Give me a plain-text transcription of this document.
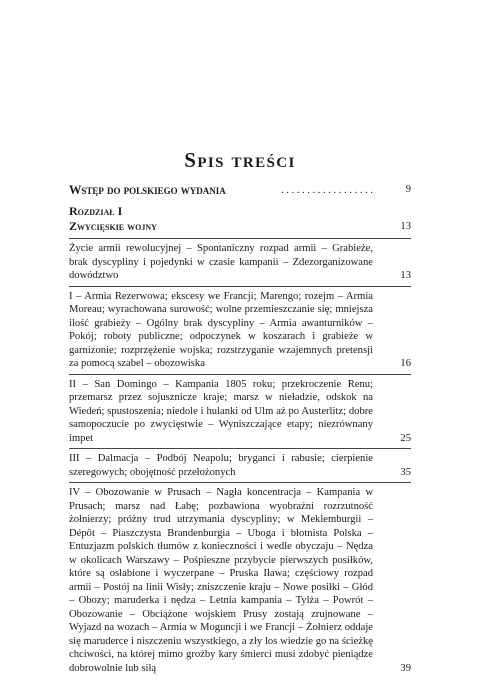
Spis treści
Wstęp do polskiego wydania	..................	9
Rozdział I
Zwycięskie wojny	13
Życie armii rewolucyjnej – Spontaniczny rozpad armii – Grabieże, brak dyscypliny i pojedynki w czasie kampanii – Zdezorganizowane dowództwo	13
I – Armia Rezerwowa; ekscesy we Francji; Marengo; rozejm – Armia Moreau; wyrachowana surowość; wolne przemieszczanie się; mniejsza ilość grabieży – Ogólny brak dyscypliny – Armia awanturników – Pokój; roboty publiczne; odpoczynek w koszarach i grabieże w garnizonie; rozprzężenie wojska; rozstrzyganie wzajemnych pretensji za pomocą szabel – obozowiska	16
II – San Domingo – Kampania 1805 roku; przekroczenie Renu; przemarsz przez sojusznicze kraje; marsz w nieładzie, odskok na Wiedeń; spustoszenia; niedole i hulanki od Ulm aż po Austerlitz; dobre samopoczucie po zwycięstwie – Wyniszczające etapy; niezrównany impet	25
III – Dalmacja – Podbój Neapolu; bryganci i rabusie; cierpienie szeregowych; obojętność przełożonych	35
IV – Obozowanie w Prusach – Nagła koncentracja – Kampania w Prusach; marsz nad Łabę; pozbawiona wyobraźni rozrzutność żołnierzy; próżny trud utrzymania dyscypliny; w Meklemburgii – Dépôt – Piaszczysta Brandenburgia – Uboga i błotnista Polska – Entuzjazm polskich tłumów z konieczności i wedle obyczaju – Nędza w okolicach Warszawy – Pośpieszne przybycie pierwszych posiłków, które są osłabione i wyczerpane – Pruska Iława; częściowy rozpad armii – Postój na linii Wisły; zniszczenie kraju – Nowe posiłki – Głód – Obozy; maruderka i nędza – Letnia kampania – Tylża – Powrót – Obozowanie – Obciążone wojskiem Prusy zostają zrujnowane – Wyjazd na wozach – Armia w Moguncji i we Francji – Żołnierz oddaje się maruderce i niszczeniu wszystkiego, a zły los wiedzie go na ścieżkę chciwości, na której mimo groźby kary śmierci musi zdobyć pieniądze dobrowolnie lub siłą	39
